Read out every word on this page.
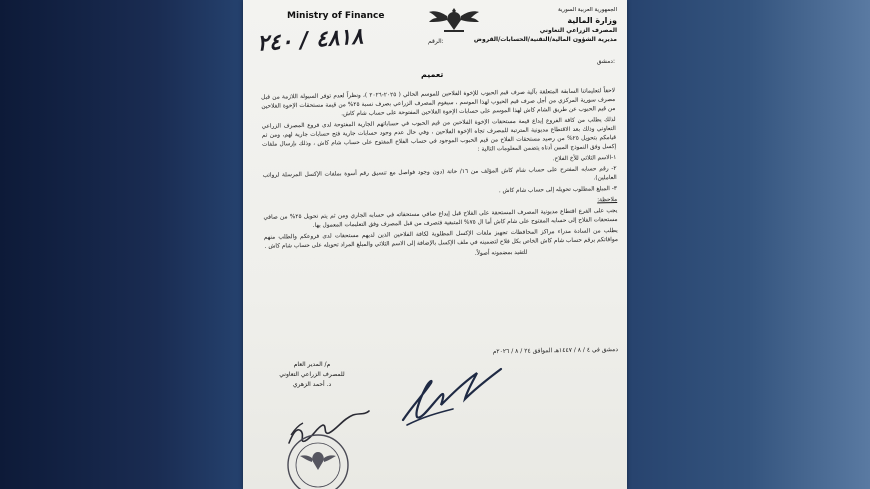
Ministry of Finance
الجمهورية العربية السورية
وزارة المالية
المصرف الزراعي التعاوني
مديرية الشؤون المالية/التقنية/الحسابات/القروض
الرقم:
٤٨١٨ / ٢٤٠
دمشق:
تعميم

لاحقاً لتعليماتنا السابقة المتعلقة بآلية صرف قيم الحبوب للإخوة الفلاحين للموسم الحالي ( ٢٠٢٥-٢٠٢٦ )، ونظراً لعدم توفر السيولة اللازمة من قبل مصرف سورية المركزي من أجل صرف قيم الحبوب لهذا الموسم ، سيقوم المصرف الزراعي بصرف نسبة ٢٥% من قيمة مستحقات الإخوة الفلاحين من قيم الحبوب عن طريق الشام كاش لهذا الموسم على حسابات الإخوة الفلاحين المفتوحة على حساب شام كاش.

لذلك يطلب من كافة الفروع إيداع قيمة مستحقات الإخوة الفلاحين من قيم الحبوب في حساباتهم الجارية المفتوحة لدى فروع المصرف الزراعي التعاوني وذلك بعد الاقتطاع مديونية المترتبة للمصرف تجاه الإخوة الفلاحين ، وفي حال عدم وجود حسابات جارية فتح حسابات جارية لهم، ومن ثم قيامكم بتحويل ٢٥% من رصيد مستحقات الفلاح من قيم الحبوب الموجود في حساب الفلاح المفتوح على حساب شام كاش ، وذلك بإرسال ملفات إكسل وفق النموذج المبين أدناه يتضمن المعلومات التالية :

١-الاسم الثلاثي للأخ الفلاح.

٢- رقم حسابه المفترح على حساب شام كاش المؤلف من ١٦/ خانة (دون وجود فواصل مع تنسيق رقم أسوة بملفات الإكسل المرسلة لرواتب العاملين).

٣- المبلغ المطلوب تحويله إلى حساب شام كاش .

ملاحظة:

يجب على الفرع اقتطاع مديونية المصرف المستحقة على الفلاح قبل إيداع صافي مستحقاته في حسابه الجاري ومن ثم يتم تحويل ٢٥% من صافي مستحقات الفلاح إلى حسابه المفتوح على شام كاش أما ال ٧٥% المتبقية فتصرف من قبل المصرف وفق التعليمات المعمول بها.

يطلب من السادة مدراء مراكز المحافظات تجهيز ملفات الإكسل المطلوبة لكافة الفلاحين الذين لديهم مستحقات لدى فروعكم والطلب منهم موافاتكم برقم حساب شام كاش الخاص بكل فلاح لتضمينه في ملف الإكسل بالإضافة إلى الاسم الثلاثي والمبلغ المراد تحويله على حساب شام كاش .

للتقيد بمضمونه أصولاً.

دمشق في ٤ / ٨ / ١٤٤٧هـ الموافق ٢٤ / ٨ / ٢٠٢٦م
م/ المدير العام
للمصرف الزراعي التعاوني
د. أحمد الزهري
